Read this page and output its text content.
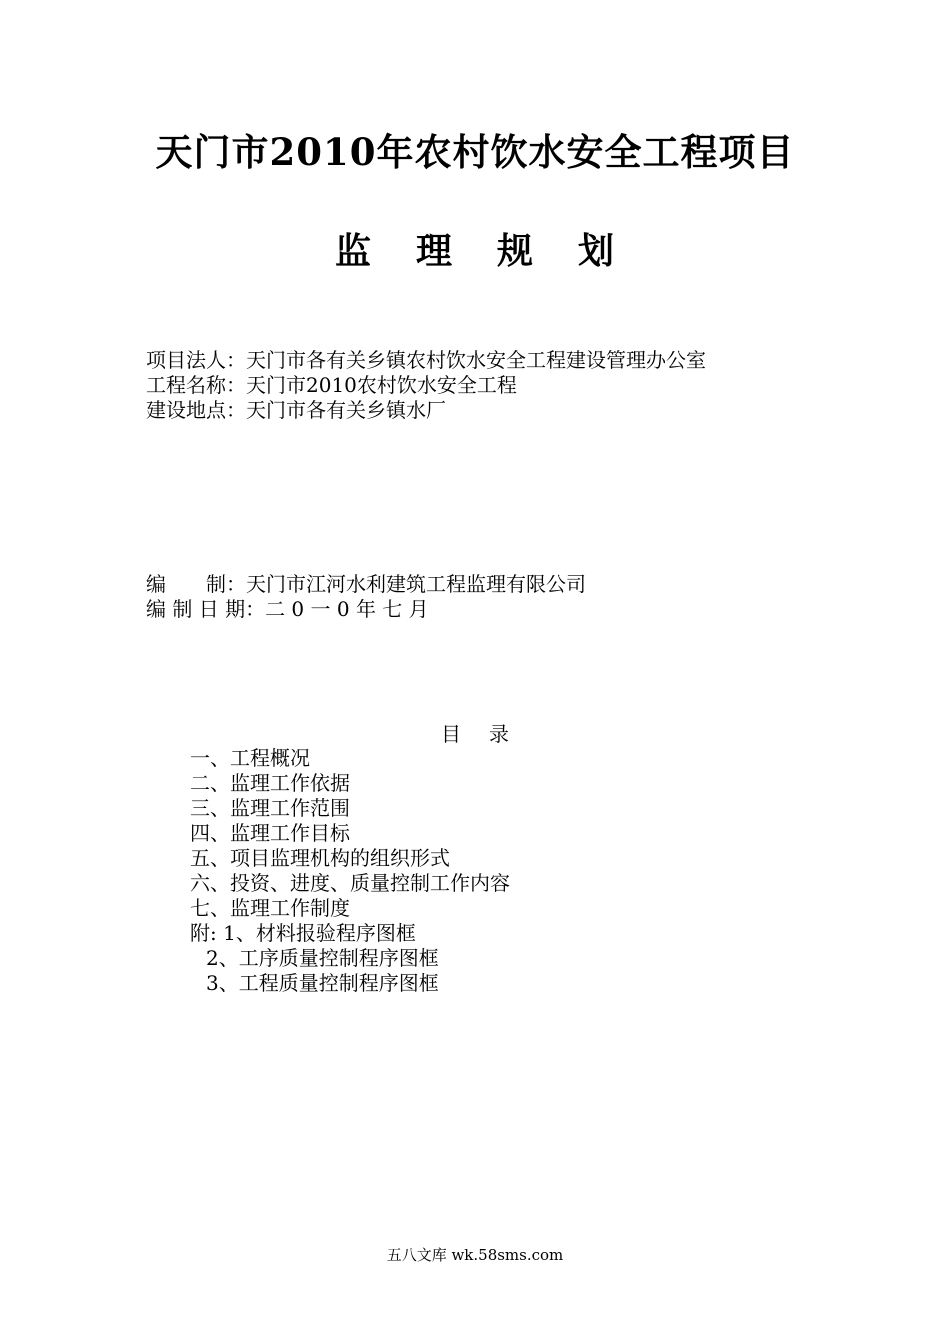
天门市2010年农村饮水安全工程项目
监 理 规 划
项目法人：天门市各有关乡镇农村饮水安全工程建设管理办公室
工程名称：天门市2010农村饮水安全工程
建设地点：天门市各有关乡镇水厂
编　　制：天门市江河水利建筑工程监理有限公司
编 制 日 期：二 0 一 0 年 七 月
目 录
一、工程概况
二、监理工作依据
三、监理工作范围
四、监理工作目标
五、项目监理机构的组织形式
六、投资、进度、质量控制工作内容
七、监理工作制度
附: 1、材料报验程序图框
2、工序质量控制程序图框
3、工程质量控制程序图框
五八文库 wk.58sms.com
